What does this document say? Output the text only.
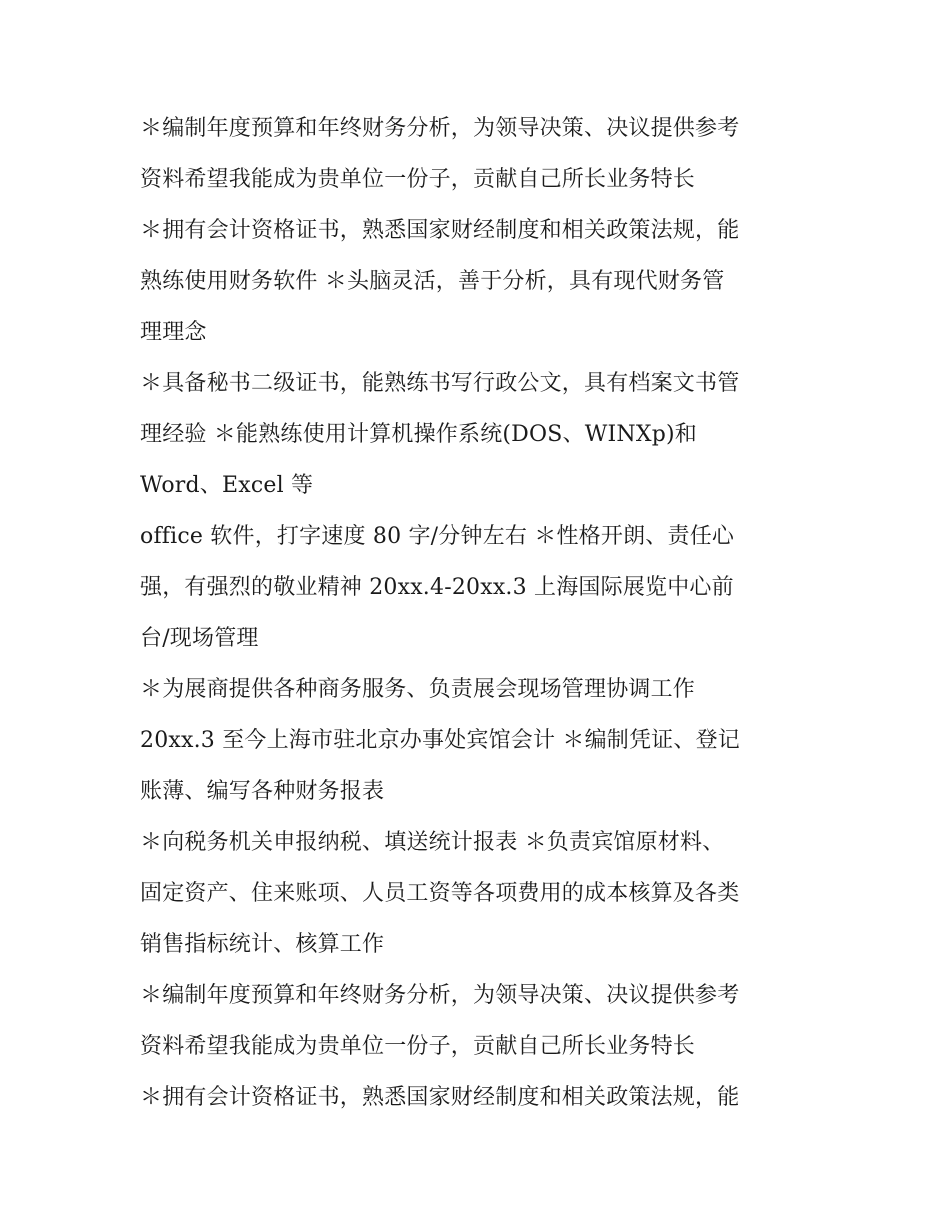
＊编制年度预算和年终财务分析，为领导决策、决议提供参考
资料希望我能成为贵单位一份子，贡献自己所长业务特长
＊拥有会计资格证书，熟悉国家财经制度和相关政策法规，能
熟练使用财务软件 ＊头脑灵活，善于分析，具有现代财务管
理理念
＊具备秘书二级证书，能熟练书写行政公文，具有档案文书管
理经验 ＊能熟练使用计算机操作系统(DOS、WINXp)和
Word、Excel 等
office 软件，打字速度 80 字/分钟左右 ＊性格开朗、责任心
强，有强烈的敬业精神 20xx.4-20xx.3 上海国际展览中心前
台/现场管理
＊为展商提供各种商务服务、负责展会现场管理协调工作
20xx.3 至今上海市驻北京办事处宾馆会计 ＊编制凭证、登记
账薄、编写各种财务报表
＊向税务机关申报纳税、填送统计报表 ＊负责宾馆原材料、
固定资产、住来账项、人员工资等各项费用的成本核算及各类
销售指标统计、核算工作
＊编制年度预算和年终财务分析，为领导决策、决议提供参考
资料希望我能成为贵单位一份子，贡献自己所长业务特长
＊拥有会计资格证书，熟悉国家财经制度和相关政策法规，能
